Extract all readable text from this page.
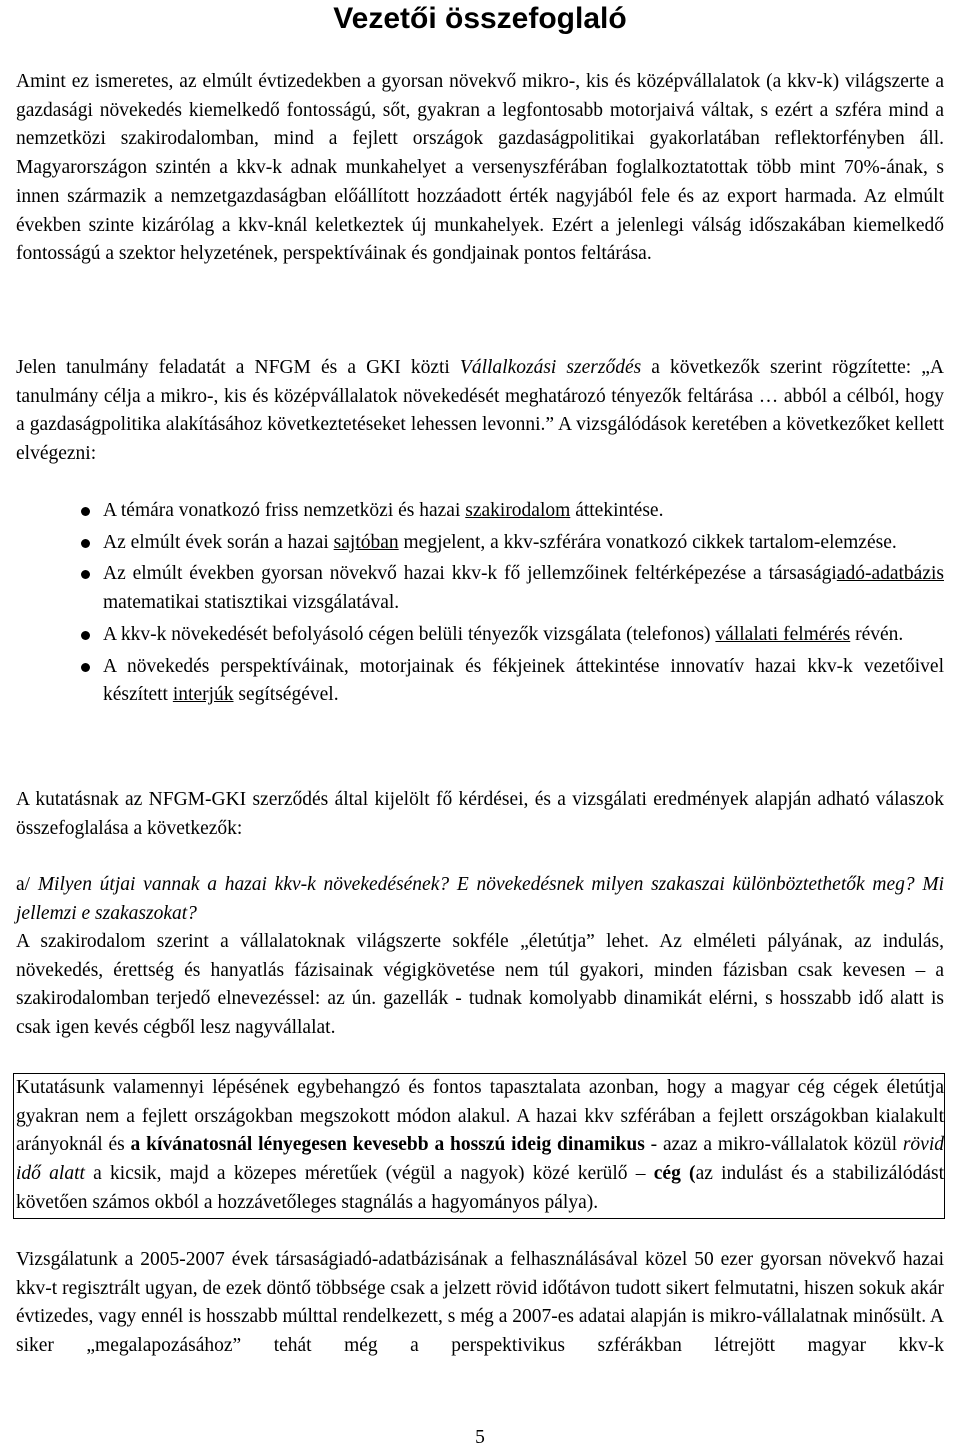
Vezetői összefoglaló

Amint ez ismeretes, az elmúlt évtizedekben a gyorsan növekvő mikro-, kis és középvállalatok (a kkv-k) világszerte a gazdasági növekedés kiemelkedő fontosságú, sőt, gyakran a legfontosabb motorjaivá váltak, s ezért a szféra mind a nemzetközi szakirodalomban, mind a fejlett országok gazdaságpolitikai gyakorlatában reflektorfényben áll. Magyarországon szintén a kkv-k adnak munkahelyet a versenyszférában foglalkoztatottak több mint 70%-ának, s innen származik a nemzetgazdaságban előállított hozzáadott érték nagyjából fele és az export harmada. Az elmúlt években szinte kizárólag a kkv-knál keletkeztek új munkahelyek. Ezért a jelenlegi válság időszakában kiemelkedő fontosságú a szektor helyzetének, perspektíváinak és gondjainak pontos feltárása.

Jelen tanulmány feladatát a NFGM és a GKI közti Vállalkozási szerződés a következők szerint rögzítette: „A tanulmány célja a mikro-, kis és középvállalatok növekedését meghatározó tényezők feltárása … abból a célból, hogy a gazdaságpolitika alakításához következtetéseket lehessen levonni.” A vizsgálódások keretében a következőket kellett elvégezni:

A témára vonatkozó friss nemzetközi és hazai szakirodalom áttekintése.
Az elmúlt évek során a hazai sajtóban megjelent, a kkv-szférára vonatkozó cikkek tartalom-elemzése.
Az elmúlt években gyorsan növekvő hazai kkv-k fő jellemzőinek feltérképezése a társaságiadó-adatbázis matematikai statisztikai vizsgálatával.
A kkv-k növekedését befolyásoló cégen belüli tényezők vizsgálata (telefonos) vállalati felmérés révén.
A növekedés perspektíváinak, motorjainak és fékjeinek áttekintése innovatív hazai kkv-k vezetőivel készített interjúk segítségével.

A kutatásnak az NFGM-GKI szerződés által kijelölt fő kérdései, és a vizsgálati eredmények alapján adható válaszok összefoglalása a következők:

a/ Milyen útjai vannak a hazai kkv-k növekedésének? E növekedésnek milyen szakaszai különböztethetők meg? Mi jellemzi e szakaszokat?

A szakirodalom szerint a vállalatoknak világszerte sokféle „életútja” lehet. Az elméleti pályának, az indulás, növekedés, érettség és hanyatlás fázisainak végigkövetése nem túl gyakori, minden fázisban csak kevesen – a szakirodalomban terjedő elnevezéssel: az ún. gazellák - tudnak komolyabb dinamikát elérni, s hosszabb idő alatt is csak igen kevés cégből lesz nagyvállalat.

Kutatásunk valamennyi lépésének egybehangzó és fontos tapasztalata azonban, hogy a magyar cég cégek életútja gyakran nem a fejlett országokban megszokott módon alakul. A hazai kkv szférában a fejlett országokban kialakult arányoknál és a kívánatosnál lényegesen kevesebb a hosszú ideig dinamikus - azaz a mikro-vállalatok közül rövid idő alatt a kicsik, majd a közepes méretűek (végül a nagyok) közé kerülő – cég (az indulást és a stabilizálódást követően számos okból a hozzávetőleges stagnálás a hagyományos pálya).

Vizsgálatunk a 2005-2007 évek társaságiadó-adatbázisának a felhasználásával közel 50 ezer gyorsan növekvő hazai kkv-t regisztrált ugyan, de ezek döntő többsége csak a jelzett rövid időtávon tudott sikert felmutatni, hiszen sokuk akár évtizedes, vagy ennél is hosszabb múlttal rendelkezett, s még a 2007-es adatai alapján is mikro-vállalatnak minősült. A siker „megalapozásához” tehát még a perspektivikus szférákban létrejött magyar kkv-k

5
